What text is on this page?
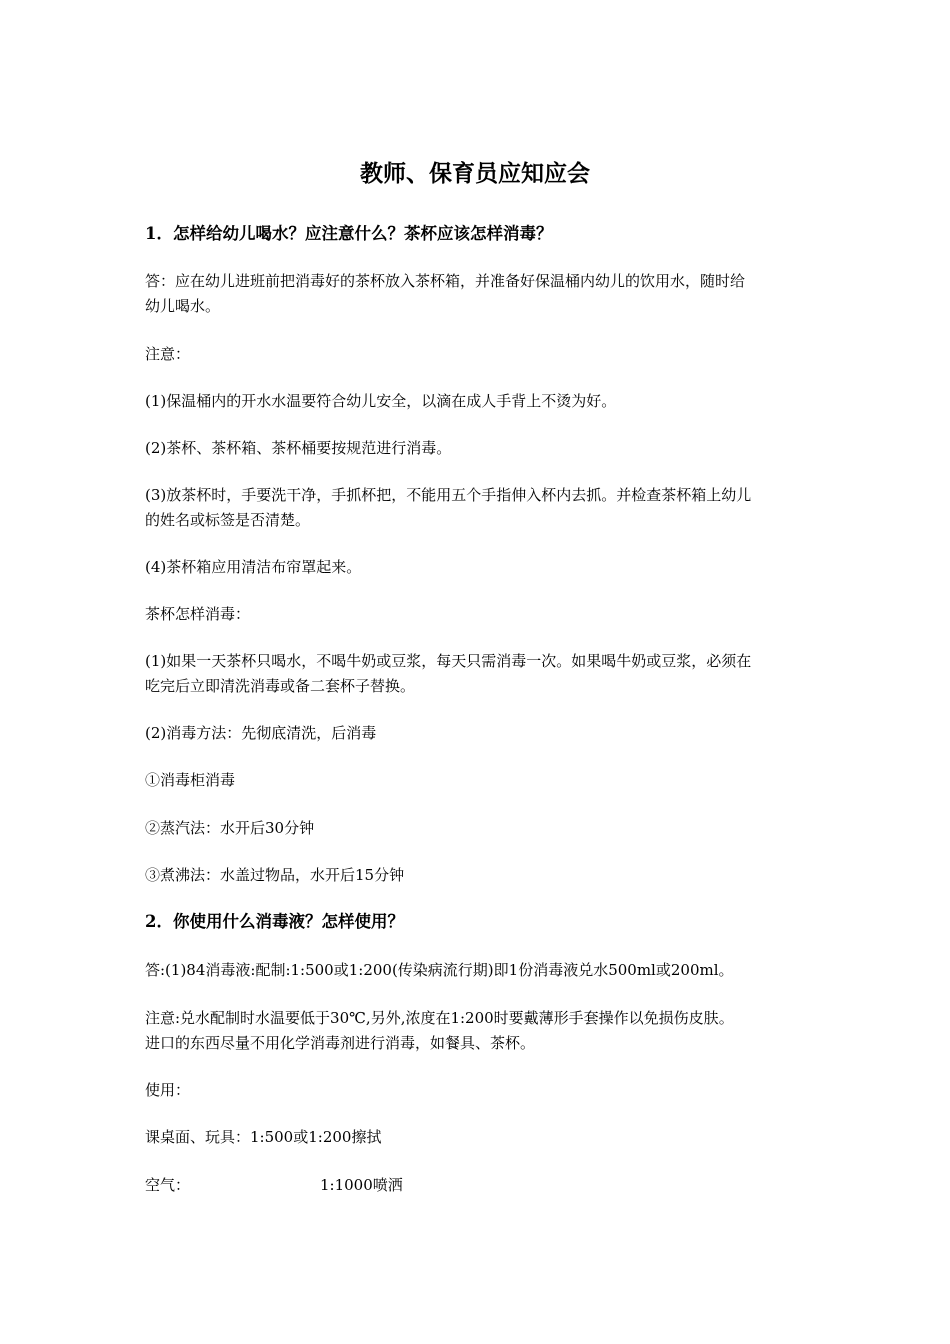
教师、保育员应知应会
1．怎样给幼儿喝水？应注意什么？茶杯应该怎样消毒？
答：应在幼儿进班前把消毒好的茶杯放入茶杯箱，并准备好保温桶内幼儿的饮用水，随时给
幼儿喝水。
注意：
(1)保温桶内的开水水温要符合幼儿安全，以滴在成人手背上不烫为好。
(2)茶杯、茶杯箱、茶杯桶要按规范进行消毒。
(3)放茶杯时，手要洗干净，手抓杯把，不能用五个手指伸入杯内去抓。并检查茶杯箱上幼儿
的姓名或标签是否清楚。
(4)茶杯箱应用清洁布帘罩起来。
茶杯怎样消毒：
(1)如果一天茶杯只喝水，不喝牛奶或豆浆，每天只需消毒一次。如果喝牛奶或豆浆，必须在
吃完后立即清洗消毒或备二套杯子替换。
(2)消毒方法：先彻底清洗，后消毒
①消毒柜消毒
②蒸汽法：水开后30分钟
③煮沸法：水盖过物品，水开后15分钟
2．你使用什么消毒液？怎样使用？
答:(1)84消毒液:配制:1:500或1:200(传染病流行期)即1份消毒液兑水500ml或200ml。
注意:兑水配制时水温要低于30℃,另外,浓度在1:200时要戴薄形手套操作以免损伤皮肤。
进口的东西尽量不用化学消毒剂进行消毒，如餐具、茶杯。
使用：
课桌面、玩具：1:500或1:200擦拭
空气：	1:1000喷洒
